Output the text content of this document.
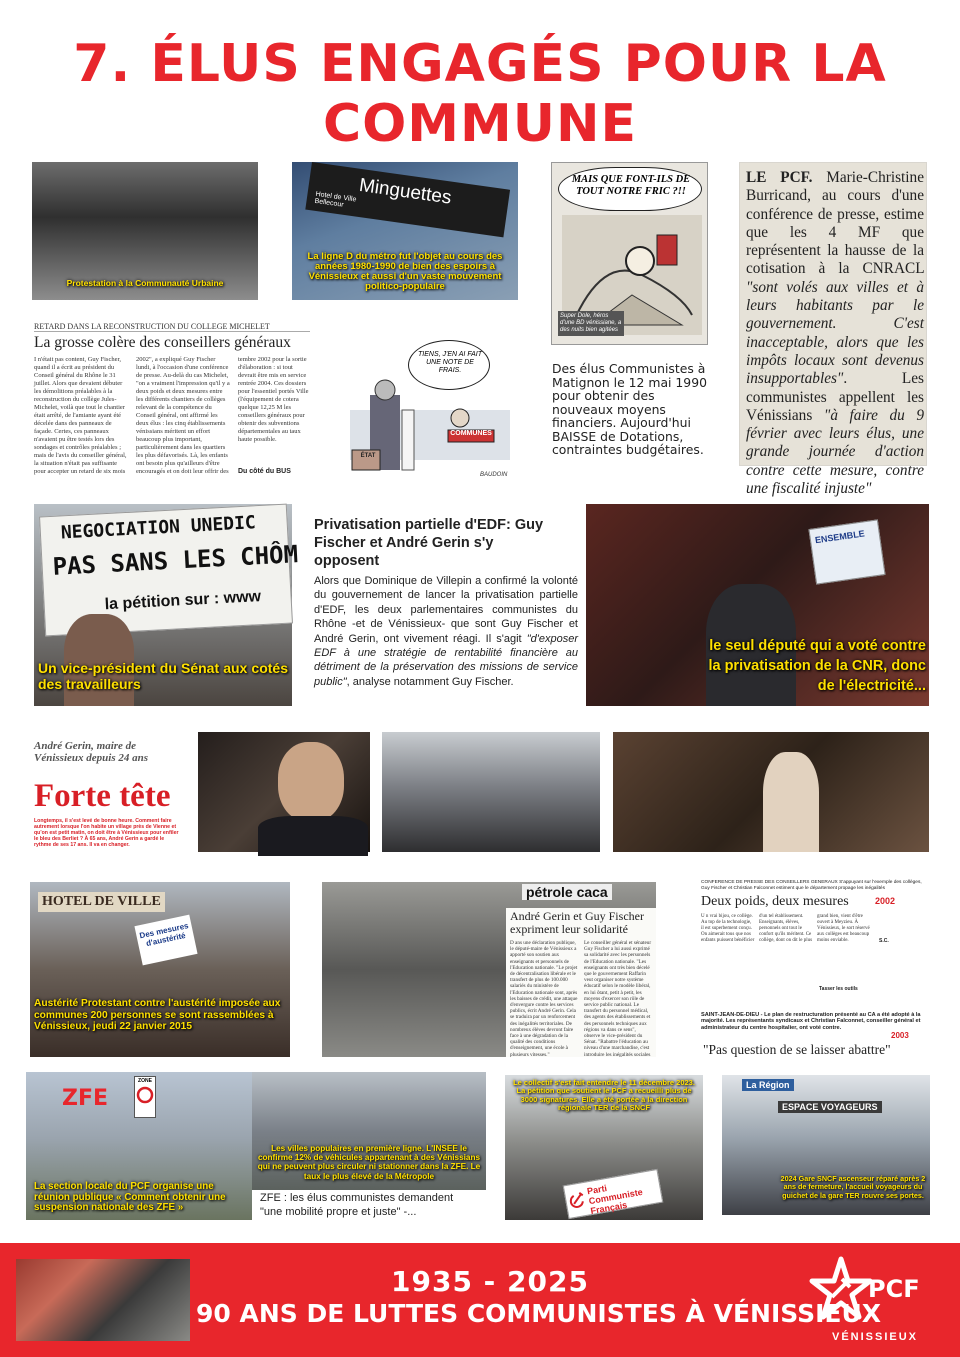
7. ÉLUS ENGAGÉS POUR LA COMMUNE
Protestation à la Communauté Urbaine
Minguettes
Hotel de Ville Bellecour
La ligne D du métro fut l'objet au cours des années 1980-1990 de bien des espoirs à Vénissieux et aussi d'un vaste mouvement politico-populaire
MAIS QUE FONT-ILS DE TOUT NOTRE FRIC ?!!
Super Dole, héros d'une BD vénissiane, a des nuits bien agitées
LE PCF. Marie-Christine Burricand, au cours d'une conférence de presse, estime que les 4 MF que représentent la hausse de la cotisation à la CNRACL "sont volés aux villes et à leurs habitants par le gouvernement. C'est inacceptable, alors que les impôts locaux sont devenus insupportables". Les communistes appellent les Vénissians "à faire du 9 février avec leurs élus, une grande journée d'action contre cette mesure, contre une fiscalité injuste"
RETARD DANS LA RECONSTRUCTION DU COLLEGE MICHELET
La grosse colère des conseillers généraux
I n'était pas content, Guy Fischer, quand il a écrit au président du Conseil général du Rhône le 31 juillet. Alors que devaient débuter les démolitions préalables à la reconstruction du collège Jules-Michelet, voilà que tout le chantier était arrêté, de l'amiante ayant été décelée dans des panneaux de façade. Certes, ces panneaux n'avaient pu être testés lors des sondages et contrôles préalables ; mais de l'avis du conseiller général, la situation n'était pas suffisante pour accepter un retard de six mois
2002", a expliqué Guy Fischer lundi, à l'occasion d'une conférence de presse. Au-delà du cas Michelet, "on a vraiment l'impression qu'il y a deux poids et deux mesures entre les différents chantiers de collèges relevant de la compétence du Conseil général, ont affirmé les deux élus : les cinq établissements vénissians méritent un effort beaucoup plus important, particulièrement dans les quartiers les plus défavorisés. Là, les enfants ont besoin plus qu'ailleurs d'être encouragés et on doit leur offrir des
tembre 2002 pour la sortie d'élaboration : si tout devrait être mis en service rentrée 2004. Ces dossiers pour l'essentiel portés Ville (l'équipement de cotera quelque 12,25 M les conseillers généraux pour obtenir des subventions départementales au taux haute possible.
Du côté du BUS
TIENS, J'EN AI FAIT UNE NOTE DE FRAIS.
COMMUNES
ÉTAT
BAUDOIN
Des élus Communistes à Matignon le 12 mai 1990 pour obtenir des nouveaux moyens financiers. Aujourd'hui BAISSE de Dotations, contraintes budgétaires.
NEGOCIATION UNEDIC
PAS SANS LES CHÔM
la pétition sur : www
Un vice-président du Sénat aux cotés des travailleurs
Privatisation partielle d'EDF: Guy Fischer et André Gerin s'y opposent
Alors que Dominique de Villepin a confirmé la volonté du gouvernement de lancer la privatisation partielle d'EDF, les deux parlementaires communistes du Rhône -et de Vénissieux- que sont Guy Fischer et André Gerin, ont vivement réagi. Il s'agit "d'exposer EDF à une stratégie de rentabilité financière au détriment de la préservation des missions de service public", analyse notamment Guy Fischer.
ENSEMBLE
le seul député qui a voté contre la privatisation de la CNR, donc de l'électricité...
André Gerin, maire de Vénissieux depuis 24 ans
Forte tête
Longtemps, il s'est levé de bonne heure. Comment faire autrement lorsque l'on habite un village près de Vienne et qu'on est petit matin, on doit être à Vénissieux pour enfiler le bleu des Berliet ? À 65 ans, André Gerin a gardé le rythme de ses 17 ans. Il va en changer.
HOTEL DE VILLE
Des mesures d'austérité
Austérité Protestant contre l'austérité imposée aux communes 200 personnes se sont rassemblées à Vénissieux, jeudi 22 janvier 2015
pétrole caca
André Gerin et Guy Fischer expriment leur solidarité
D ans une déclaration publique, le député-maire de Vénissieux a apporté son soutien aux enseignants et personnels de l'Education nationale. "Le projet de décentralisation libérale et le transfert de plus de 100.000 salariés du ministère de l'Education nationale sont, après les baisses de crédit, une attaque d'envergure contre les services publics, écrit André Gerin. Cela se traduira par un renforcement des inégalités territoriales. De nombreux élèves devront faire face à une dégradation de la qualité des conditions d'enseignement, une école à plusieurs vitesses."
Le conseiller général et sénateur Guy Fischer a lui aussi exprimé sa solidarité avec les personnels de l'Education nationale. "Les enseignants ont très bien décelé que le gouvernement Raffarin veut organiser notre système éducatif selon le modèle libéral, en lui ôtant, petit à petit, les moyens d'exercer son rôle de service public national. Le transfert du personnel médical, des agents des établissements et des personnels techniques aux régions va dans ce sens", observe le vice-président du Sénat. "Rabattre l'éducation au niveau d'une marchandise, c'est introduire les inégalités sociales
CONFERENCE DE PRESSE DES CONSEILLERS GENERAUX S'appuyant sur l'exemple des collèges, Guy Fischer et Christian Falconnet estiment que le département propage les inégalités
Deux poids, deux mesures	2002
U n vrai bijou, ce collège. Au top de la technologie, il est superbement conçu. On aimerait tous que nos enfants puissent bénéficier d'un tel établissement. Enseignants, élèves, personnels ont tout le confort qu'ils méritent. Ce collège, dont on dit le plus grand bien, vient d'être ouvert à Meyzieu. À Vénissieux, le sort réservé aux collèges est beaucoup moins enviable.
Tasser les outils
S.C.
SAINT-JEAN-DE-DIEU - Le plan de restructuration présenté au CA a été adopté à la majorité. Les représentants syndicaux et Christian Falconnet, conseiller général et administrateur du centre hospitalier, ont voté contre.
2003
"Pas question de se laisser abattre"
ZFE
ZONE
La section locale du PCF organise une réunion publique « Comment obtenir une suspension nationale des ZFE »
Les villes populaires en première ligne. L'INSEE le confirme 12% de véhicules appartenant à des Vénissians qui ne peuvent plus circuler ni stationner dans la ZFE. Le taux le plus élevé de la Métropole
ZFE : les élus communistes demandent
"une mobilité propre et juste" -...
Le collectif s'est fait entendre le 11 décembre 2023. La pétition que soutient le PCF a recueilli plus de 3000 signatures. Elle a été portée à la direction régionale TER de la SNCF
Parti Communiste Français
La Région
ESPACE VOYAGEURS
2024 Gare SNCF ascenseur réparé après 2 ans de fermeture, l'accueil voyageurs du guichet de la gare TER rouvre ses portes.
1935 - 2025
90 ANS DE LUTTES COMMUNISTES À VÉNISSIEUX
PCF
VÉNISSIEUX
